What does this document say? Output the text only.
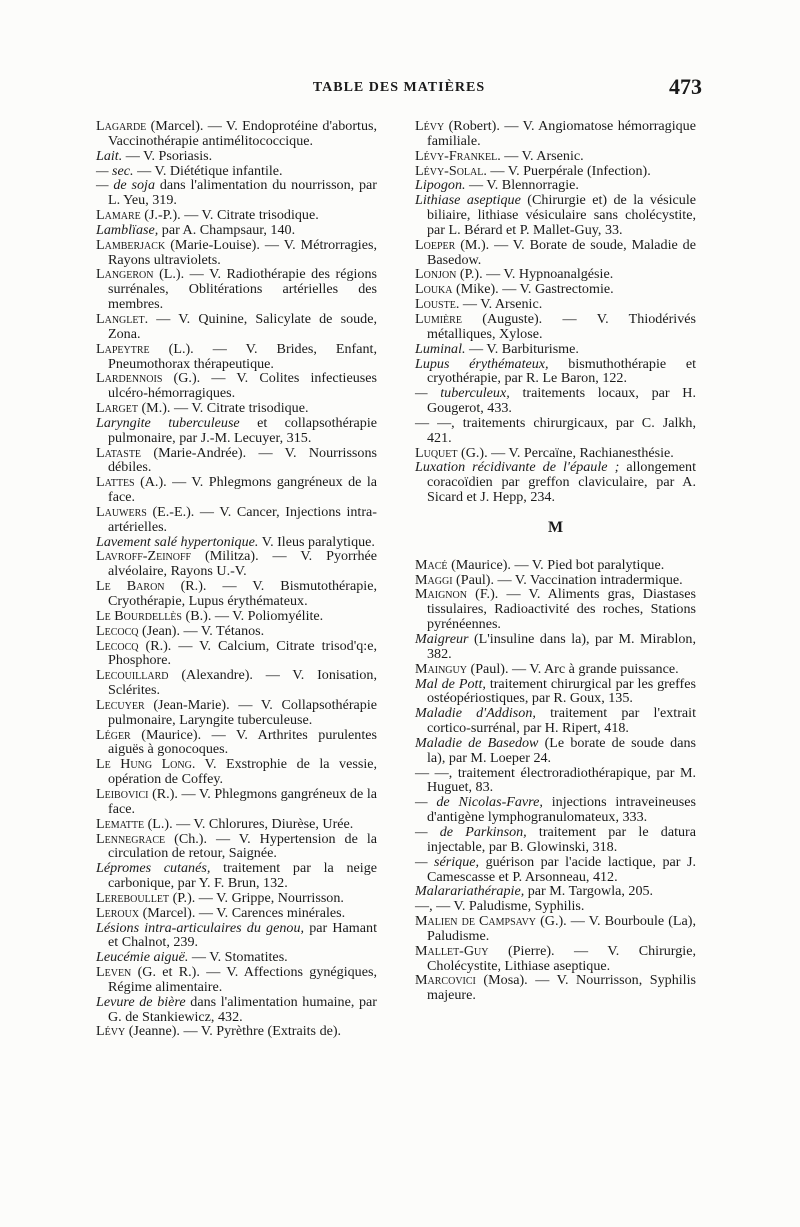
TABLE DES MATIÈRES	473

Lagarde (Marcel). — V. Endoprotéine d'abortus, Vaccinothérapie antimélitococcique.

Lait. — V. Psoriasis.

— sec. — V. Diététique infantile.

— de soja dans l'alimentation du nourrisson, par L. Yeu, 319.

Lamare (J.-P.). — V. Citrate trisodique.

Lamblïase, par A. Champsaur, 140.

Lamberjack (Marie-Louise). — V. Métrorragies, Rayons ultraviolets.

Langeron (L.). — V. Radiothérapie des régions surrénales, Oblitérations artérielles des membres.

Langlet. — V. Quinine, Salicylate de soude, Zona.

Lapeytre (L.). — V. Brides, Enfant, Pneumothorax thérapeutique.

Lardennois (G.). — V. Colites infectieuses ulcéro-hémorragiques.

Larget (M.). — V. Citrate trisodique.

Laryngite tuberculeuse et collapsothérapie pulmonaire, par J.-M. Lecuyer, 315.

Lataste (Marie-Andrée). — V. Nourrissons débiles.

Lattes (A.). — V. Phlegmons gangréneux de la face.

Lauwers (E.-E.). — V. Cancer, Injections intra-artérielles.

Lavement salé hypertonique. V. Ileus paralytique.

Lavroff-Zeinoff (Militza). — V. Pyorrhée alvéolaire, Rayons U.-V.

Le Baron (R.). — V. Bismutothérapie, Cryothérapie, Lupus érythémateux.

Le Bourdellès (B.). — V. Poliomyélite.

Lecocq (Jean). — V. Tétanos.

Lecocq (R.). — V. Calcium, Citrate trisod'q:e, Phosphore.

Lecouillard (Alexandre). — V. Ionisation, Sclérites.

Lecuyer (Jean-Marie). — V. Collapsothérapie pulmonaire, Laryngite tuberculeuse.

Léger (Maurice). — V. Arthrites purulentes aiguës à gonocoques.

Le Hung Long. V. Exstrophie de la vessie, opération de Coffey.

Leibovici (R.). — V. Phlegmons gangréneux de la face.

Lematte (L.). — V. Chlorures, Diurèse, Urée.

Lennegrace (Ch.). — V. Hypertension de la circulation de retour, Saignée.

Lépromes cutanés, traitement par la neige carbonique, par Y. F. Brun, 132.

Lereboullet (P.). — V. Grippe, Nourrisson.

Leroux (Marcel). — V. Carences minérales.

Lésions intra-articulaires du genou, par Hamant et Chalnot, 239.

Leucémie aiguë. — V. Stomatites.

Leven (G. et R.). — V. Affections gynégiques, Régime alimentaire.

Levure de bière dans l'alimentation humaine, par G. de Stankiewicz, 432.

Lévy (Jeanne). — V. Pyrèthre (Extraits de).

Lévy (Robert). — V. Angiomatose hémorragique familiale.

Lévy-Frankel. — V. Arsenic.

Lévy-Solal. — V. Puerpérale (Infection).

Lipogon. — V. Blennorragie.

Lithiase aseptique (Chirurgie et) de la vésicule biliaire, lithiase vésiculaire sans cholécystite, par L. Bérard et P. Mallet-Guy, 33.

Loeper (M.). — V. Borate de soude, Maladie de Basedow.

Lonjon (P.). — V. Hypnoanalgésie.

Louka (Mike). — V. Gastrectomie.

Louste. — V. Arsenic.

Lumière (Auguste). — V. Thiodérivés métalliques, Xylose.

Luminal. — V. Barbiturisme.

Lupus érythémateux, bismuthothérapie et cryothérapie, par R. Le Baron, 122.

— tuberculeux, traitements locaux, par H. Gougerot, 433.

— —, traitements chirurgicaux, par C. Jalkh, 421.

Luquet (G.). — V. Percaïne, Rachianesthésie.

Luxation récidivante de l'épaule ; allongement coracoïdien par greffon claviculaire, par A. Sicard et J. Hepp, 234.

M

Macé (Maurice). — V. Pied bot paralytique.

Maggi (Paul). — V. Vaccination intradermique.

Maignon (F.). — V. Aliments gras, Diastases tissulaires, Radioactivité des roches, Stations pyrénéennes.

Maigreur (L'insuline dans la), par M. Mirablon, 382.

Mainguy (Paul). — V. Arc à grande puissance.

Mal de Pott, traitement chirurgical par les greffes ostéopériostiques, par R. Goux, 135.

Maladie d'Addison, traitement par l'extrait cortico-surrénal, par H. Ripert, 418.

Maladie de Basedow (Le borate de soude dans la), par M. Loeper 24.

— —, traitement électroradiothérapique, par M. Huguet, 83.

— de Nicolas-Favre, injections intraveineuses d'antigène lymphogranulomateux, 333.

— de Parkinson, traitement par le datura injectable, par B. Glowinski, 318.

— sérique, guérison par l'acide lactique, par J. Camescasse et P. Arsonneau, 412.

Malarariathérapie, par M. Targowla, 205.

—, — V. Paludisme, Syphilis.

Malien de Campsavy (G.). — V. Bourboule (La), Paludisme.

Mallet-Guy (Pierre). — V. Chirurgie, Cholécystite, Lithiase aseptique.

Marcovici (Mosa). — V. Nourrisson, Syphilis majeure.
